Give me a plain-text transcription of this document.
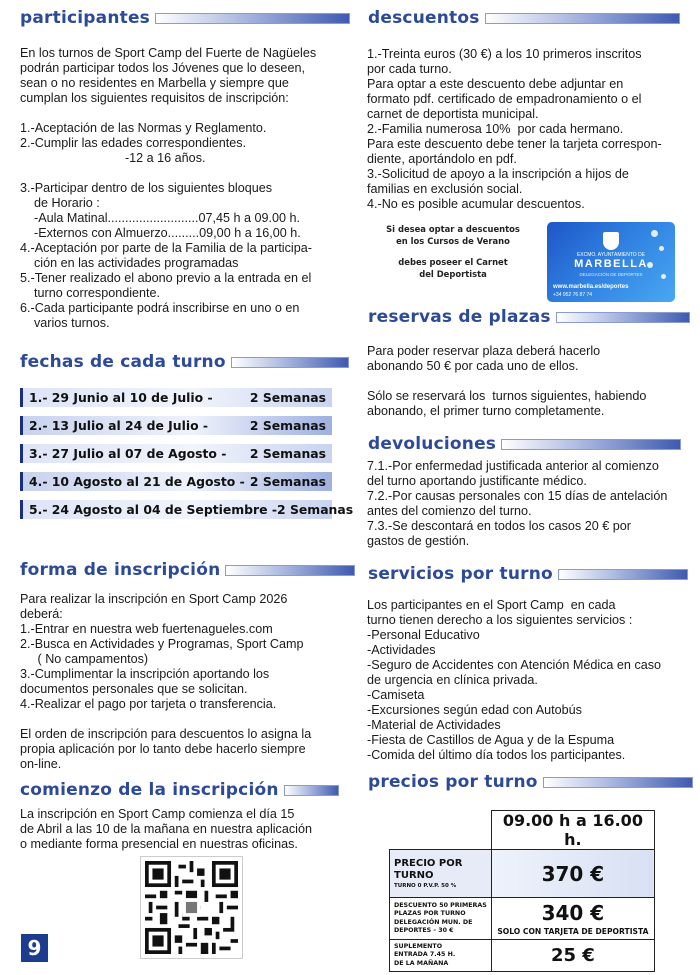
participantes
En los turnos de Sport Camp del Fuerte de Nagüeles
podrán participar todos los Jóvenes que lo deseen,
sean o no residentes en Marbella y siempre que
cumplan los siguientes requisitos de inscripción:

1.-Aceptación de las Normas y Reglamento.
2.-Cumplir las edades correspondientes.
-12 a 16 años.

3.-Participar dentro de los siguientes bloques
de Horario :
-Aula Matinal..........................07,45 h a 09.00 h.
-Externos con Almuerzo.........09,00 h a 16,00 h.
4.-Aceptación por parte de la Familia de la participa-
ción en las actividades programadas
5.-Tener realizado el abono previo a la entrada en el
turno correspondiente.
6.-Cada participante podrá inscribirse en uno o en
varios turnos.
fechas de cada turno
1.- 29 Junio al 10 de Julio -	2 Semanas
2.- 13 Julio al 24 de Julio -	2 Semanas
3.- 27 Julio al 07 de Agosto -	2 Semanas
4.- 10 Agosto al 21 de Agosto - 2 Semanas
5.- 24 Agosto al 04 de Septiembre -2 Semanas
forma de inscripción
Para realizar la inscripción en Sport Camp 2026
deberá:
1.-Entrar en nuestra web fuertenagueles.com
2.-Busca en Actividades y Programas, Sport Camp
( No campamentos)
3.-Cumplimentar la inscripción aportando los
documentos personales que se solicitan.
4.-Realizar el pago por tarjeta o transferencia.

El orden de inscripción para descuentos lo asigna la
propia aplicación por lo tanto debe hacerlo siempre
on-line.
comienzo de la inscripción
La inscripción en Sport Camp comienza el día 15
de Abril a las 10 de la mañana en nuestra aplicación
o mediante forma presencial en nuestras oficinas.
9
descuentos
1.-Treinta euros (30 €) a los 10 primeros inscritos
por cada turno.
Para optar a este descuento debe adjuntar en
formato pdf. certificado de empadronamiento o el
carnet de deportista municipal.
2.-Familia numerosa 10%  por cada hermano.
Para este descuento debe tener la tarjeta correspon-
diente, aportándolo en pdf.
3.-Solicitud de apoyo a la inscripción a hijos de
familias en exclusión social.
4.-No es posible acumular descuentos.
Si desea optar a descuentos
en los Cursos de Verano
debes poseer el Carnet
del Deportista
EXCMO. AYUNTAMIENTO DE
MARBELLA
DELEGACIÓN DE DEPORTES
www.marbella.es/deportes
+34 952 76 87 74
reservas de plazas
Para poder reservar plaza deberá hacerlo
abonando 50 € por cada uno de ellos.

Sólo se reservará los  turnos siguientes, habiendo
abonando, el primer turno completamente.
devoluciones
7.1.-Por enfermedad justificada anterior al comienzo
del turno aportando justificante médico.
7.2.-Por causas personales con 15 días de antelación
antes del comienzo del turno.
7.3.-Se descontará en todos los casos 20 € por
gastos de gestión.
servicios por turno
Los participantes en el Sport Camp  en cada
turno tienen derecho a los siguientes servicios :
-Personal Educativo
-Actividades
-Seguro de Accidentes con Atención Médica en caso
de urgencia en clínica privada.
-Camiseta
-Excursiones según edad con Autobús
-Material de Actividades
-Fiesta de Castillos de Agua y de la Espuma
-Comida del último día todos los participantes.
precios por turno
	09.00 h a 16.00 h.

PRECIO POR
TURNO
TURNO 0 P.V.P. 50 %	370 €

DESCUENTO 50 PRIMERAS
PLAZAS POR TURNO
DELEGACIÓN MUN. DE
DEPORTES - 30 €	340 €
SOLO CON TARJETA DE DEPORTISTA

SUPLEMENTO
ENTRADA 7.45 H.
DE LA MAÑANA	25 €
